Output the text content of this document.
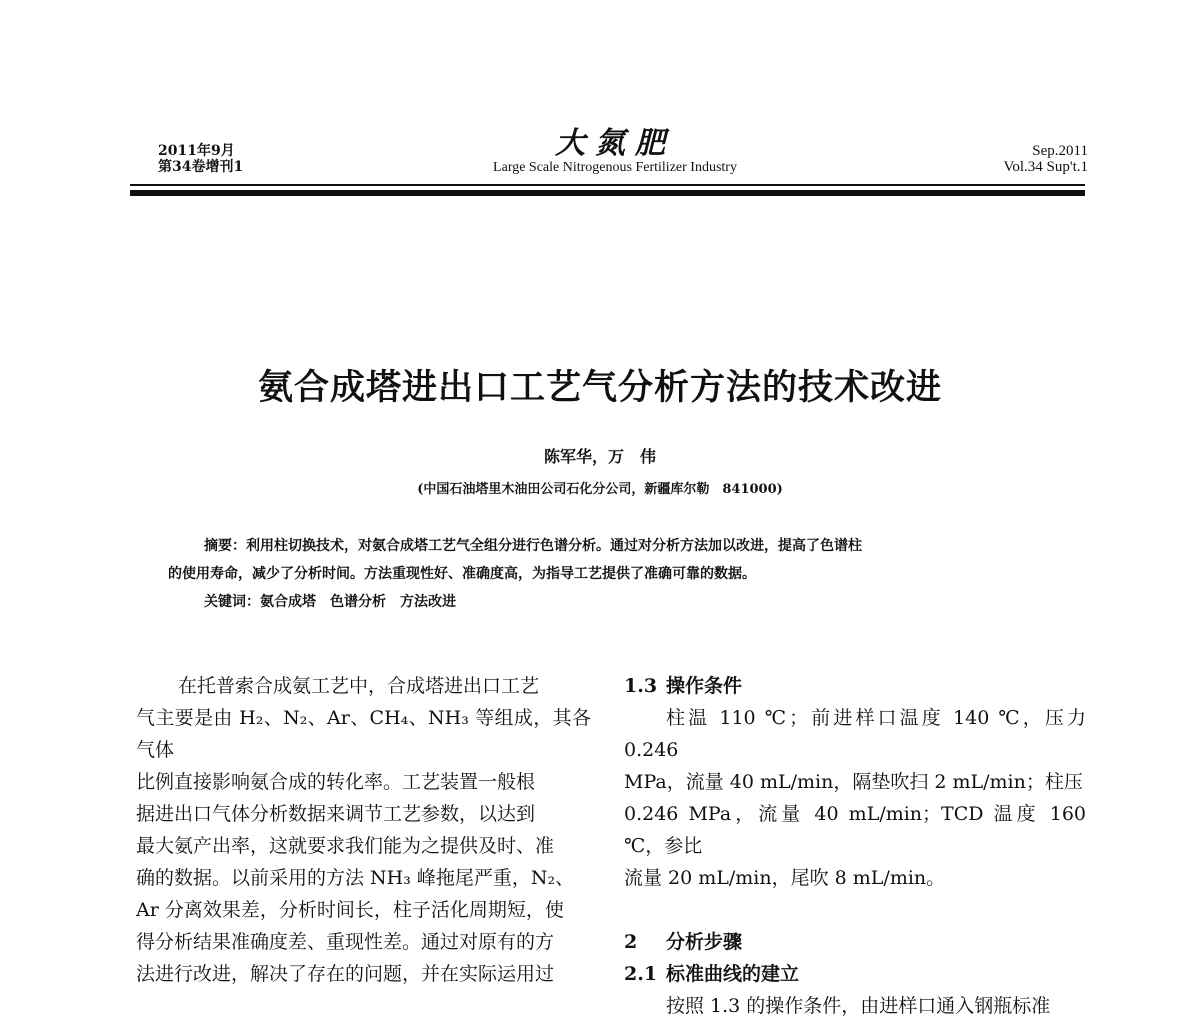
2011年9月
第34卷增刊1
大氮肥
Large Scale Nitrogenous Fertilizer Industry
Sep.2011
Vol.34 Sup't.1
氨合成塔进出口工艺气分析方法的技术改进
陈军华，万　伟
(中国石油塔里木油田公司石化分公司，新疆库尔勒　841000)

摘要：利用柱切换技术，对氨合成塔工艺气全组分进行色谱分析。通过对分析方法加以改进，提高了色谱柱

的使用寿命，减少了分析时间。方法重现性好、准确度高，为指导工艺提供了准确可靠的数据。

关键词：氨合成塔　色谱分析　方法改进

在托普索合成氨工艺中，合成塔进出口工艺

气主要是由 H₂、N₂、Ar、CH₄、NH₃ 等组成，其各气体

比例直接影响氨合成的转化率。工艺装置一般根

据进出口气体分析数据来调节工艺参数，以达到

最大氨产出率，这就要求我们能为之提供及时、准

确的数据。以前采用的方法 NH₃ 峰拖尾严重，N₂、

Ar 分离效果差，分析时间长，柱子活化周期短，使

得分析结果准确度差、重现性差。通过对原有的方

法进行改进，解决了存在的问题，并在实际运用过

1.3 操作条件

柱温 110 ℃；前进样口温度 140 ℃，压力 0.246

MPa，流量 40 mL/min，隔垫吹扫 2 mL/min；柱压

0.246 MPa，流量 40 mL/min；TCD 温度 160 ℃，参比

流量 20 mL/min，尾吹 8 mL/min。

2 分析步骤

2.1 标准曲线的建立

按照 1.3 的操作条件，由进样口通入钢瓶标准
